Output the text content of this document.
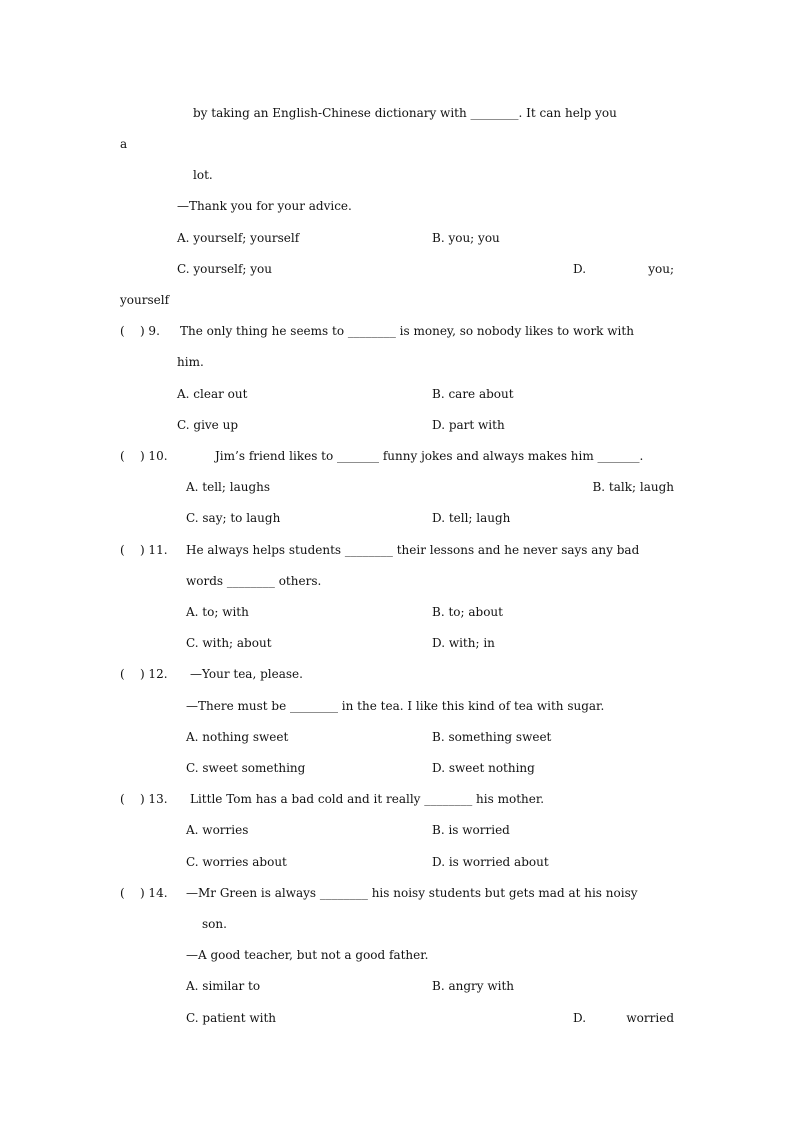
by taking an English-Chinese dictionary with ________. It can help you
a
lot.
—Thank you for your advice.
A. yourself; yourself	B. you; you
C. yourself; you	D.	you;
yourself
(    ) 9. The only thing he seems to ________ is money, so nobody likes to work with
him.
A. clear out	B. care about
C. give up	D. part with
(    ) 10.	Jim’s friend likes to _______ funny jokes and always makes him _______.
A. tell; laughs	B. talk; laugh
C. say; to laugh	D. tell; laugh
(    ) 11. He always helps students ________ their lessons and he never says any bad
words ________ others.
A. to; with	B. to; about
C. with; about	D. with; in
(    ) 12. —Your tea, please.
—There must be ________ in the tea. I like this kind of tea with sugar.
A. nothing sweet	B. something sweet
C. sweet something	D. sweet nothing
(    ) 13. Little Tom has a bad cold and it really ________ his mother.
A. worries	B. is worried
C. worries about	D. is worried about
(    ) 14. —Mr Green is always ________ his noisy students but gets mad at his noisy
son.
—A good teacher, but not a good father.
A. similar to	B. angry with
C. patient with	D.	worried
